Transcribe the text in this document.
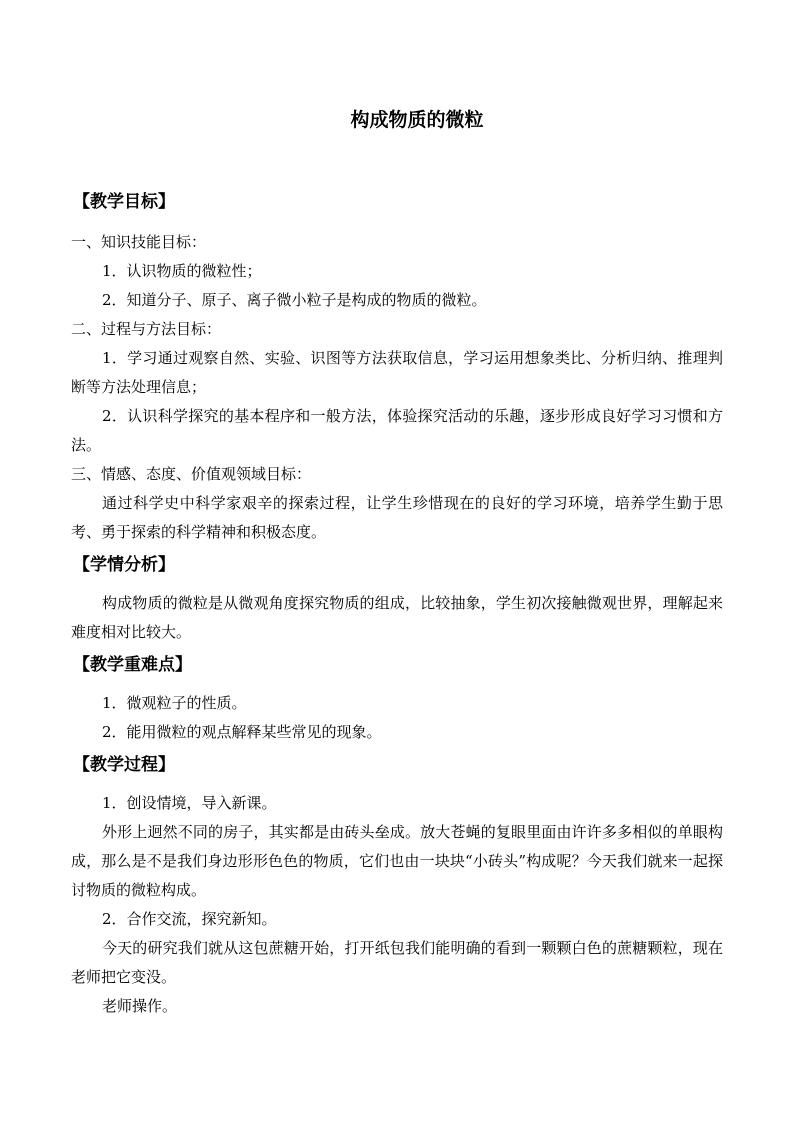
构成物质的微粒
【教学目标】

一、知识技能目标：

1．认识物质的微粒性；

2．知道分子、原子、离子微小粒子是构成的物质的微粒。

二、过程与方法目标：

1．学习通过观察自然、实验、识图等方法获取信息，学习运用想象类比、分析归纳、推理判断等方法处理信息；

2．认识科学探究的基本程序和一般方法，体验探究活动的乐趣，逐步形成良好学习习惯和方法。

三、情感、态度、价值观领域目标：

通过科学史中科学家艰辛的探索过程，让学生珍惜现在的良好的学习环境，培养学生勤于思考、勇于探索的科学精神和积极态度。

【学情分析】

构成物质的微粒是从微观角度探究物质的组成，比较抽象，学生初次接触微观世界，理解起来难度相对比较大。

【教学重难点】

1．微观粒子的性质。

2．能用微粒的观点解释某些常见的现象。

【教学过程】

1．创设情境，导入新课。

外形上迥然不同的房子，其实都是由砖头垒成。放大苍蝇的复眼里面由许许多多相似的单眼构成，那么是不是我们身边形形色色的物质，它们也由一块块“小砖头”构成呢？今天我们就来一起探讨物质的微粒构成。

2．合作交流，探究新知。

今天的研究我们就从这包蔗糖开始，打开纸包我们能明确的看到一颗颗白色的蔗糖颗粒，现在老师把它变没。

老师操作。
